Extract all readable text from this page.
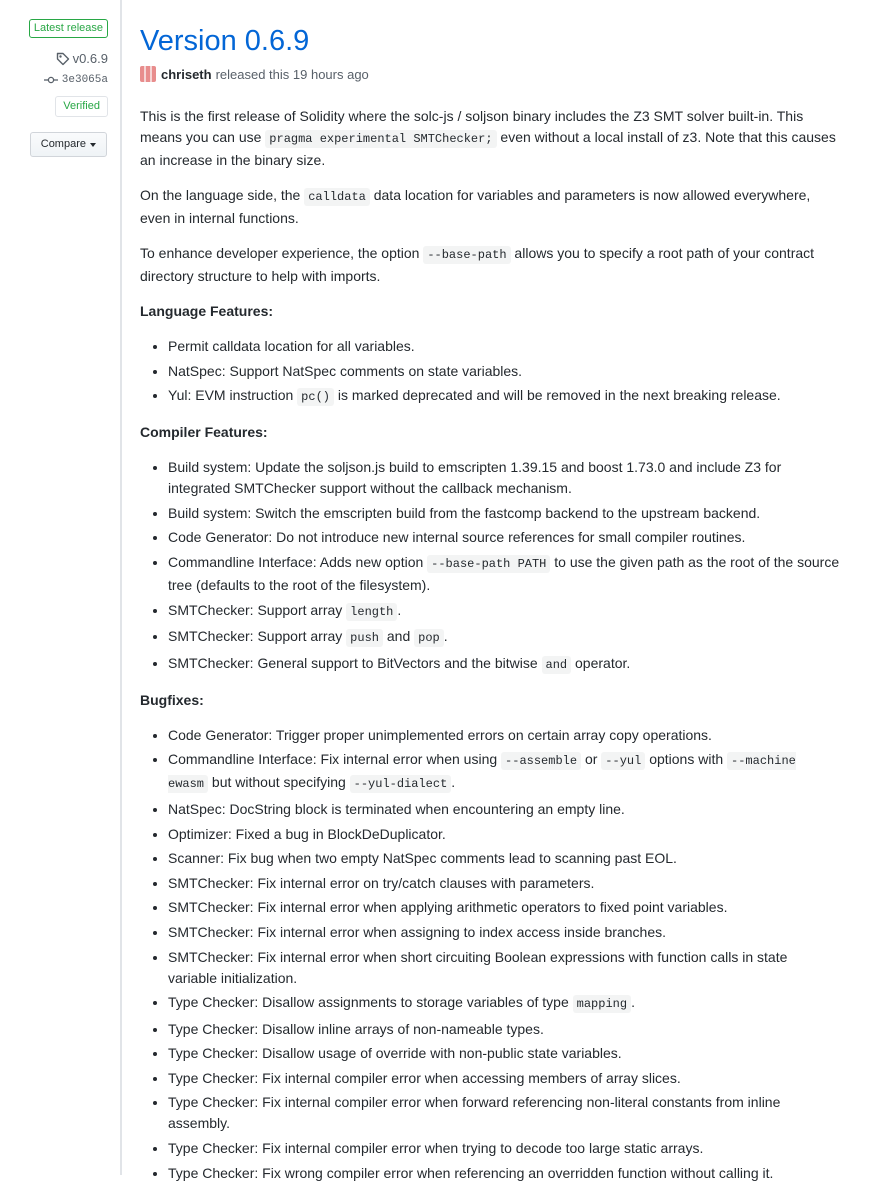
Latest release
v0.6.9
3e3065a
Verified
Compare
Version 0.6.9
chriseth released this 19 hours ago

This is the first release of Solidity where the solc-js / soljson binary includes the Z3 SMT solver built-in. This means you can use pragma experimental SMTChecker; even without a local install of z3. Note that this causes an increase in the binary size.

On the language side, the calldata data location for variables and parameters is now allowed everywhere, even in internal functions.

To enhance developer experience, the option --base-path allows you to specify a root path of your contract directory structure to help with imports.

Language Features:
• Permit calldata location for all variables.
• NatSpec: Support NatSpec comments on state variables.
• Yul: EVM instruction pc() is marked deprecated and will be removed in the next breaking release.
Compiler Features:
• Build system: Update the soljson.js build to emscripten 1.39.15 and boost 1.73.0 and include Z3 for integrated SMTChecker support without the callback mechanism.
• Build system: Switch the emscripten build from the fastcomp backend to the upstream backend.
• Code Generator: Do not introduce new internal source references for small compiler routines.
• Commandline Interface: Adds new option --base-path PATH to use the given path as the root of the source tree (defaults to the root of the filesystem).
• SMTChecker: Support array length .
• SMTChecker: Support array push and pop .
• SMTChecker: General support to BitVectors and the bitwise and operator.
Bugfixes:
• Code Generator: Trigger proper unimplemented errors on certain array copy operations.
• Commandline Interface: Fix internal error when using --assemble or --yul options with --machine ewasm but without specifying --yul-dialect .
• NatSpec: DocString block is terminated when encountering an empty line.
• Optimizer: Fixed a bug in BlockDeDuplicator.
• Scanner: Fix bug when two empty NatSpec comments lead to scanning past EOL.
• SMTChecker: Fix internal error on try/catch clauses with parameters.
• SMTChecker: Fix internal error when applying arithmetic operators to fixed point variables.
• SMTChecker: Fix internal error when assigning to index access inside branches.
• SMTChecker: Fix internal error when short circuiting Boolean expressions with function calls in state variable initialization.
• Type Checker: Disallow assignments to storage variables of type mapping .
• Type Checker: Disallow inline arrays of non-nameable types.
• Type Checker: Disallow usage of override with non-public state variables.
• Type Checker: Fix internal compiler error when accessing members of array slices.
• Type Checker: Fix internal compiler error when forward referencing non-literal constants from inline assembly.
• Type Checker: Fix internal compiler error when trying to decode too large static arrays.
• Type Checker: Fix wrong compiler error when referencing an overridden function without calling it.
